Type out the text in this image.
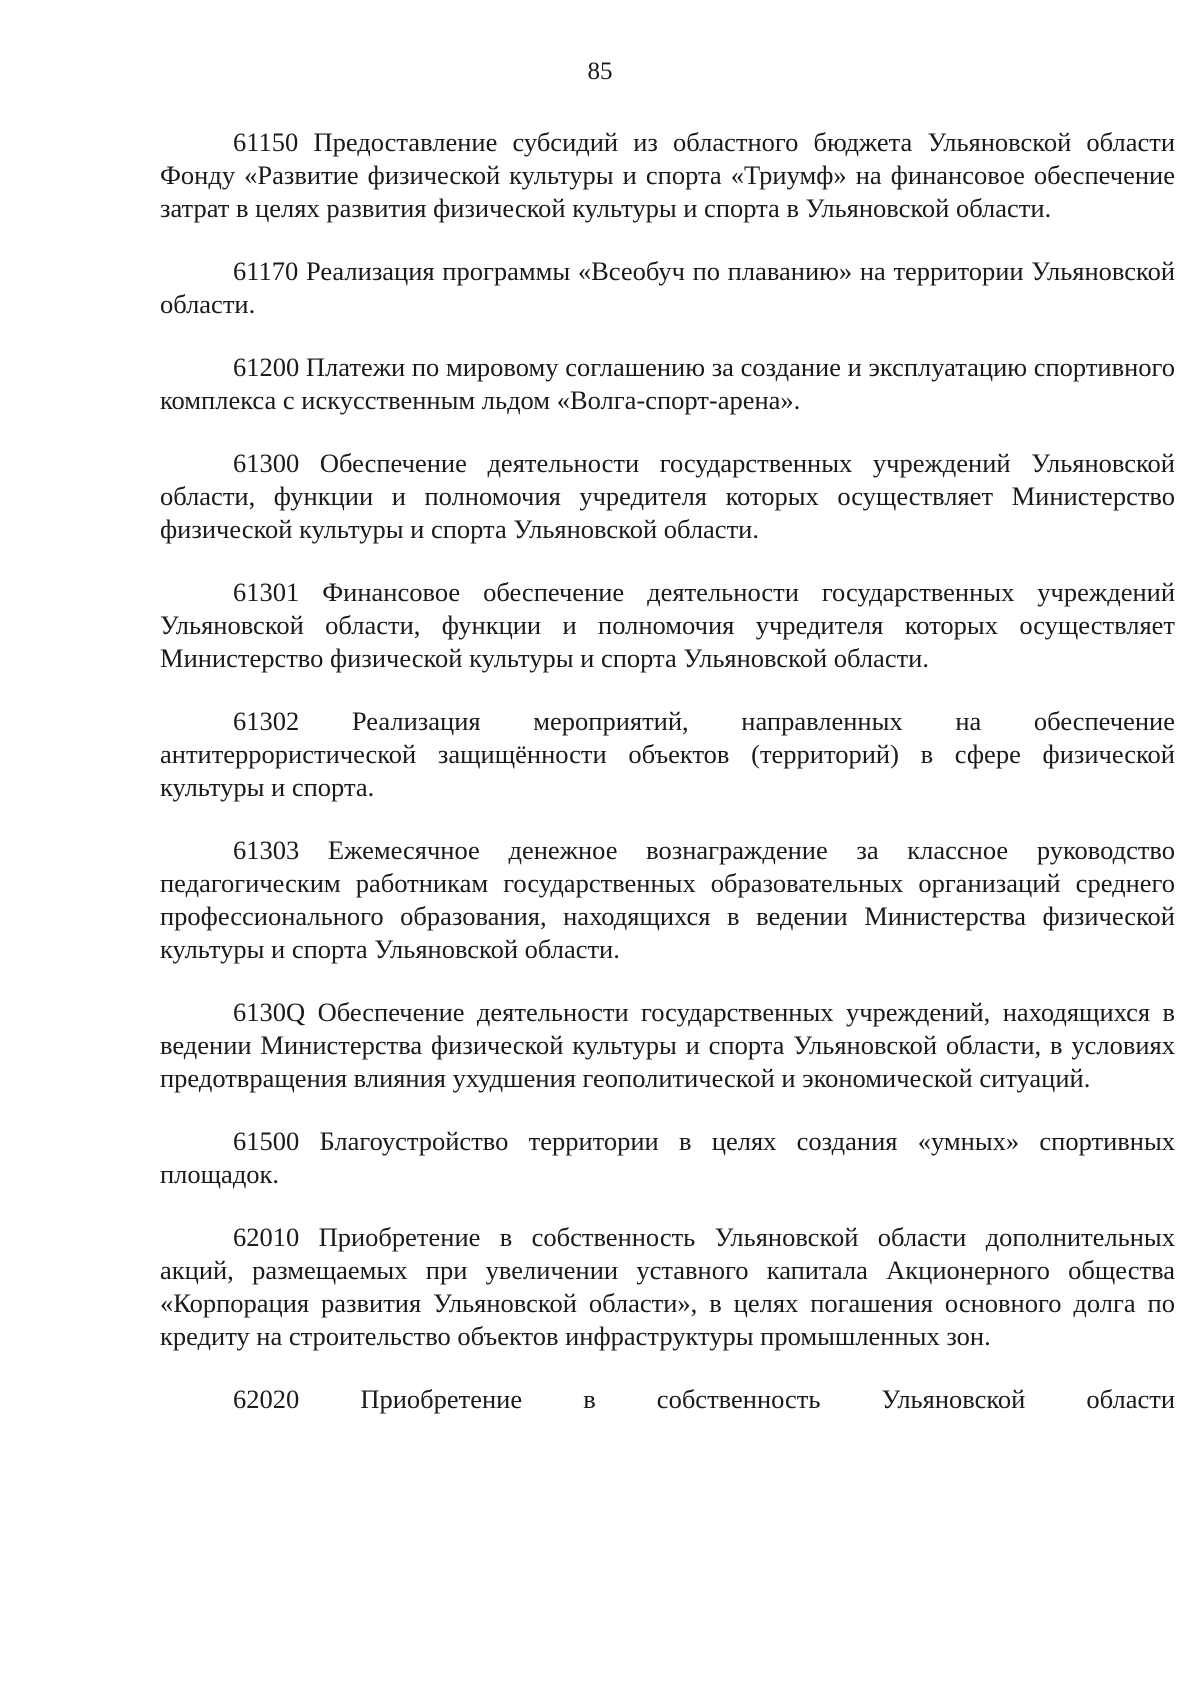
85

61150 Предоставление субсидий из областного бюджета Ульяновской области Фонду «Развитие физической культуры и спорта «Триумф» на финансовое обеспечение затрат в целях развития физической культуры и спорта в Ульяновской области.

61170 Реализация программы «Всеобуч по плаванию» на территории Ульяновской области.

61200 Платежи по мировому соглашению за создание и эксплуатацию спортивного комплекса с искусственным льдом «Волга-спорт-арена».

61300 Обеспечение деятельности государственных учреждений Ульяновской области, функции и полномочия учредителя которых осуществляет Министерство физической культуры и спорта Ульяновской области.

61301 Финансовое обеспечение деятельности государственных учреждений Ульяновской области, функции и полномочия учредителя которых осуществляет Министерство физической культуры и спорта Ульяновской области.

61302 Реализация мероприятий, направленных на обеспечение антитеррористической защищённости объектов (территорий) в сфере физической культуры и спорта.

61303 Ежемесячное денежное вознаграждение за классное руководство педагогическим работникам государственных образовательных организаций среднего профессионального образования, находящихся в ведении Министерства физической культуры и спорта Ульяновской области.

6130Q Обеспечение деятельности государственных учреждений, находящихся в ведении Министерства физической культуры и спорта Ульяновской области, в условиях предотвращения влияния ухудшения геополитической и экономической ситуаций.

61500 Благоустройство территории в целях создания «умных» спортивных площадок.

62010 Приобретение в собственность Ульяновской области дополнительных акций, размещаемых при увеличении уставного капитала Акционерного общества «Корпорация развития Ульяновской области», в целях погашения основного долга по кредиту на строительство объектов инфраструктуры промышленных зон.

62020 Приобретение в собственность Ульяновской области
